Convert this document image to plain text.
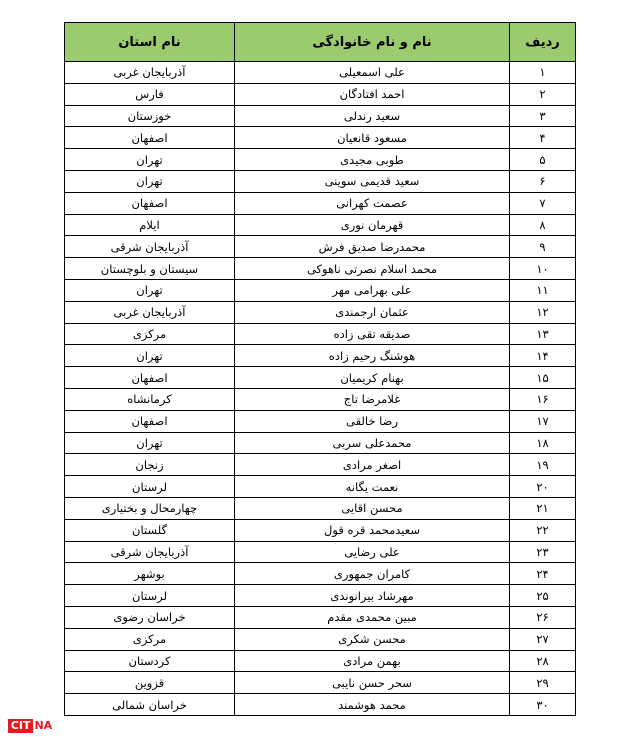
ردیف	نام و نام خانوادگی	نام استان
۱	علی اسمعیلی	آذربایجان غربی
۲	احمد افتادگان	فارس
۳	سعید رندلی	خوزستان
۴	مسعود قانعیان	اصفهان
۵	طوبی مجیدی	تهران
۶	سعید قدیمی سوینی	تهران
۷	عصمت کهرانی	اصفهان
۸	قهرمان نوری	ایلام
۹	محمدرضا صدیق فرش	آذربایجان شرقی
۱۰	محمد اسلام نصرتی ناهوکی	سیستان و بلوچستان
۱۱	علی بهرامی مهر	تهران
۱۲	عثمان ارجمندی	آذربایجان غربی
۱۳	صدیقه تقی زاده	مرکزی
۱۴	هوشنگ رحیم زاده	تهران
۱۵	بهنام کریمیان	اصفهان
۱۶	غلامرضا تاج	کرمانشاه
۱۷	رضا خالقی	اصفهان
۱۸	محمدعلی سربی	تهران
۱۹	اصغر مرادی	زنجان
۲۰	نعمت یگانه	لرستان
۲۱	محسن اقایی	چهارمحال و بختیاری
۲۲	سعیدمحمد قره قول	گلستان
۲۳	علی رضایی	آذربایجان شرقی
۲۴	کامران جمهوری	بوشهر
۲۵	مهرشاد بیرانوندی	لرستان
۲۶	مبین محمدی مقدم	خراسان رضوی
۲۷	محسن شکری	مرکزی
۲۸	بهمن مرادی	کردستان
۲۹	سحر حسن نایبی	قزوین
۳۰	محمد هوشمند	خراسان شمالی
CIT NA
